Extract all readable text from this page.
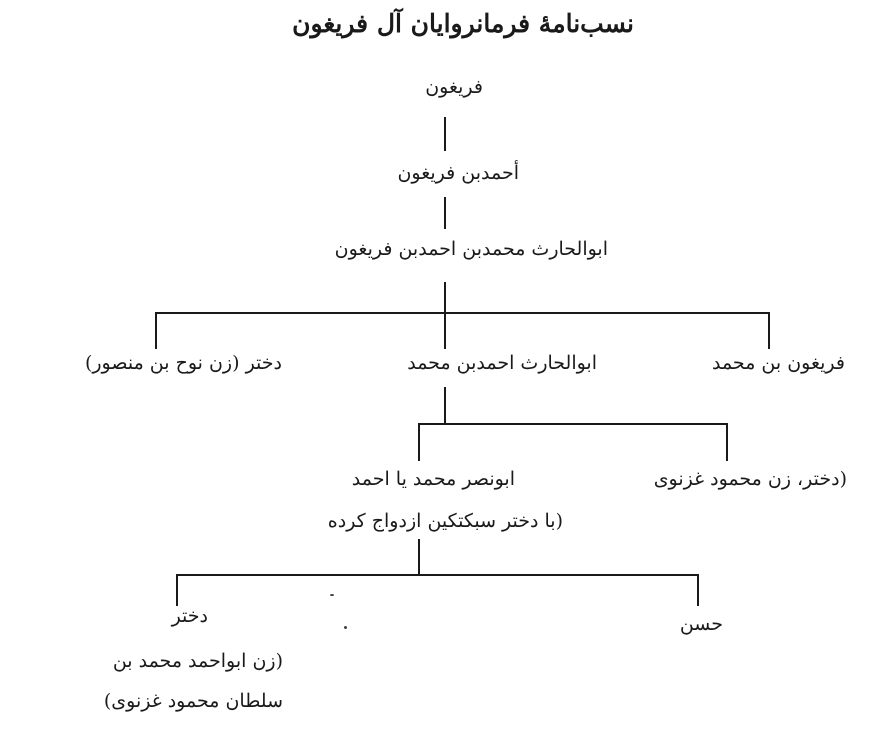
نسب‌نامهٔ فرمانروایان آل فریغون
فریغون
أحمدبن فریغون
ابوالحارث محمدبن احمدبن فریغون
فریغون بن محمد
ابوالحارث احمدبن محمد
دختر (زن نوح بن منصور)
(دختر، زن محمود غزنوی
ابونصر محمد یا احمد
(با دختر سبکتکین ازدواج کرده
حسن
دختر
(زن ابواحمد محمد بن
سلطان محمود غزنوی)
